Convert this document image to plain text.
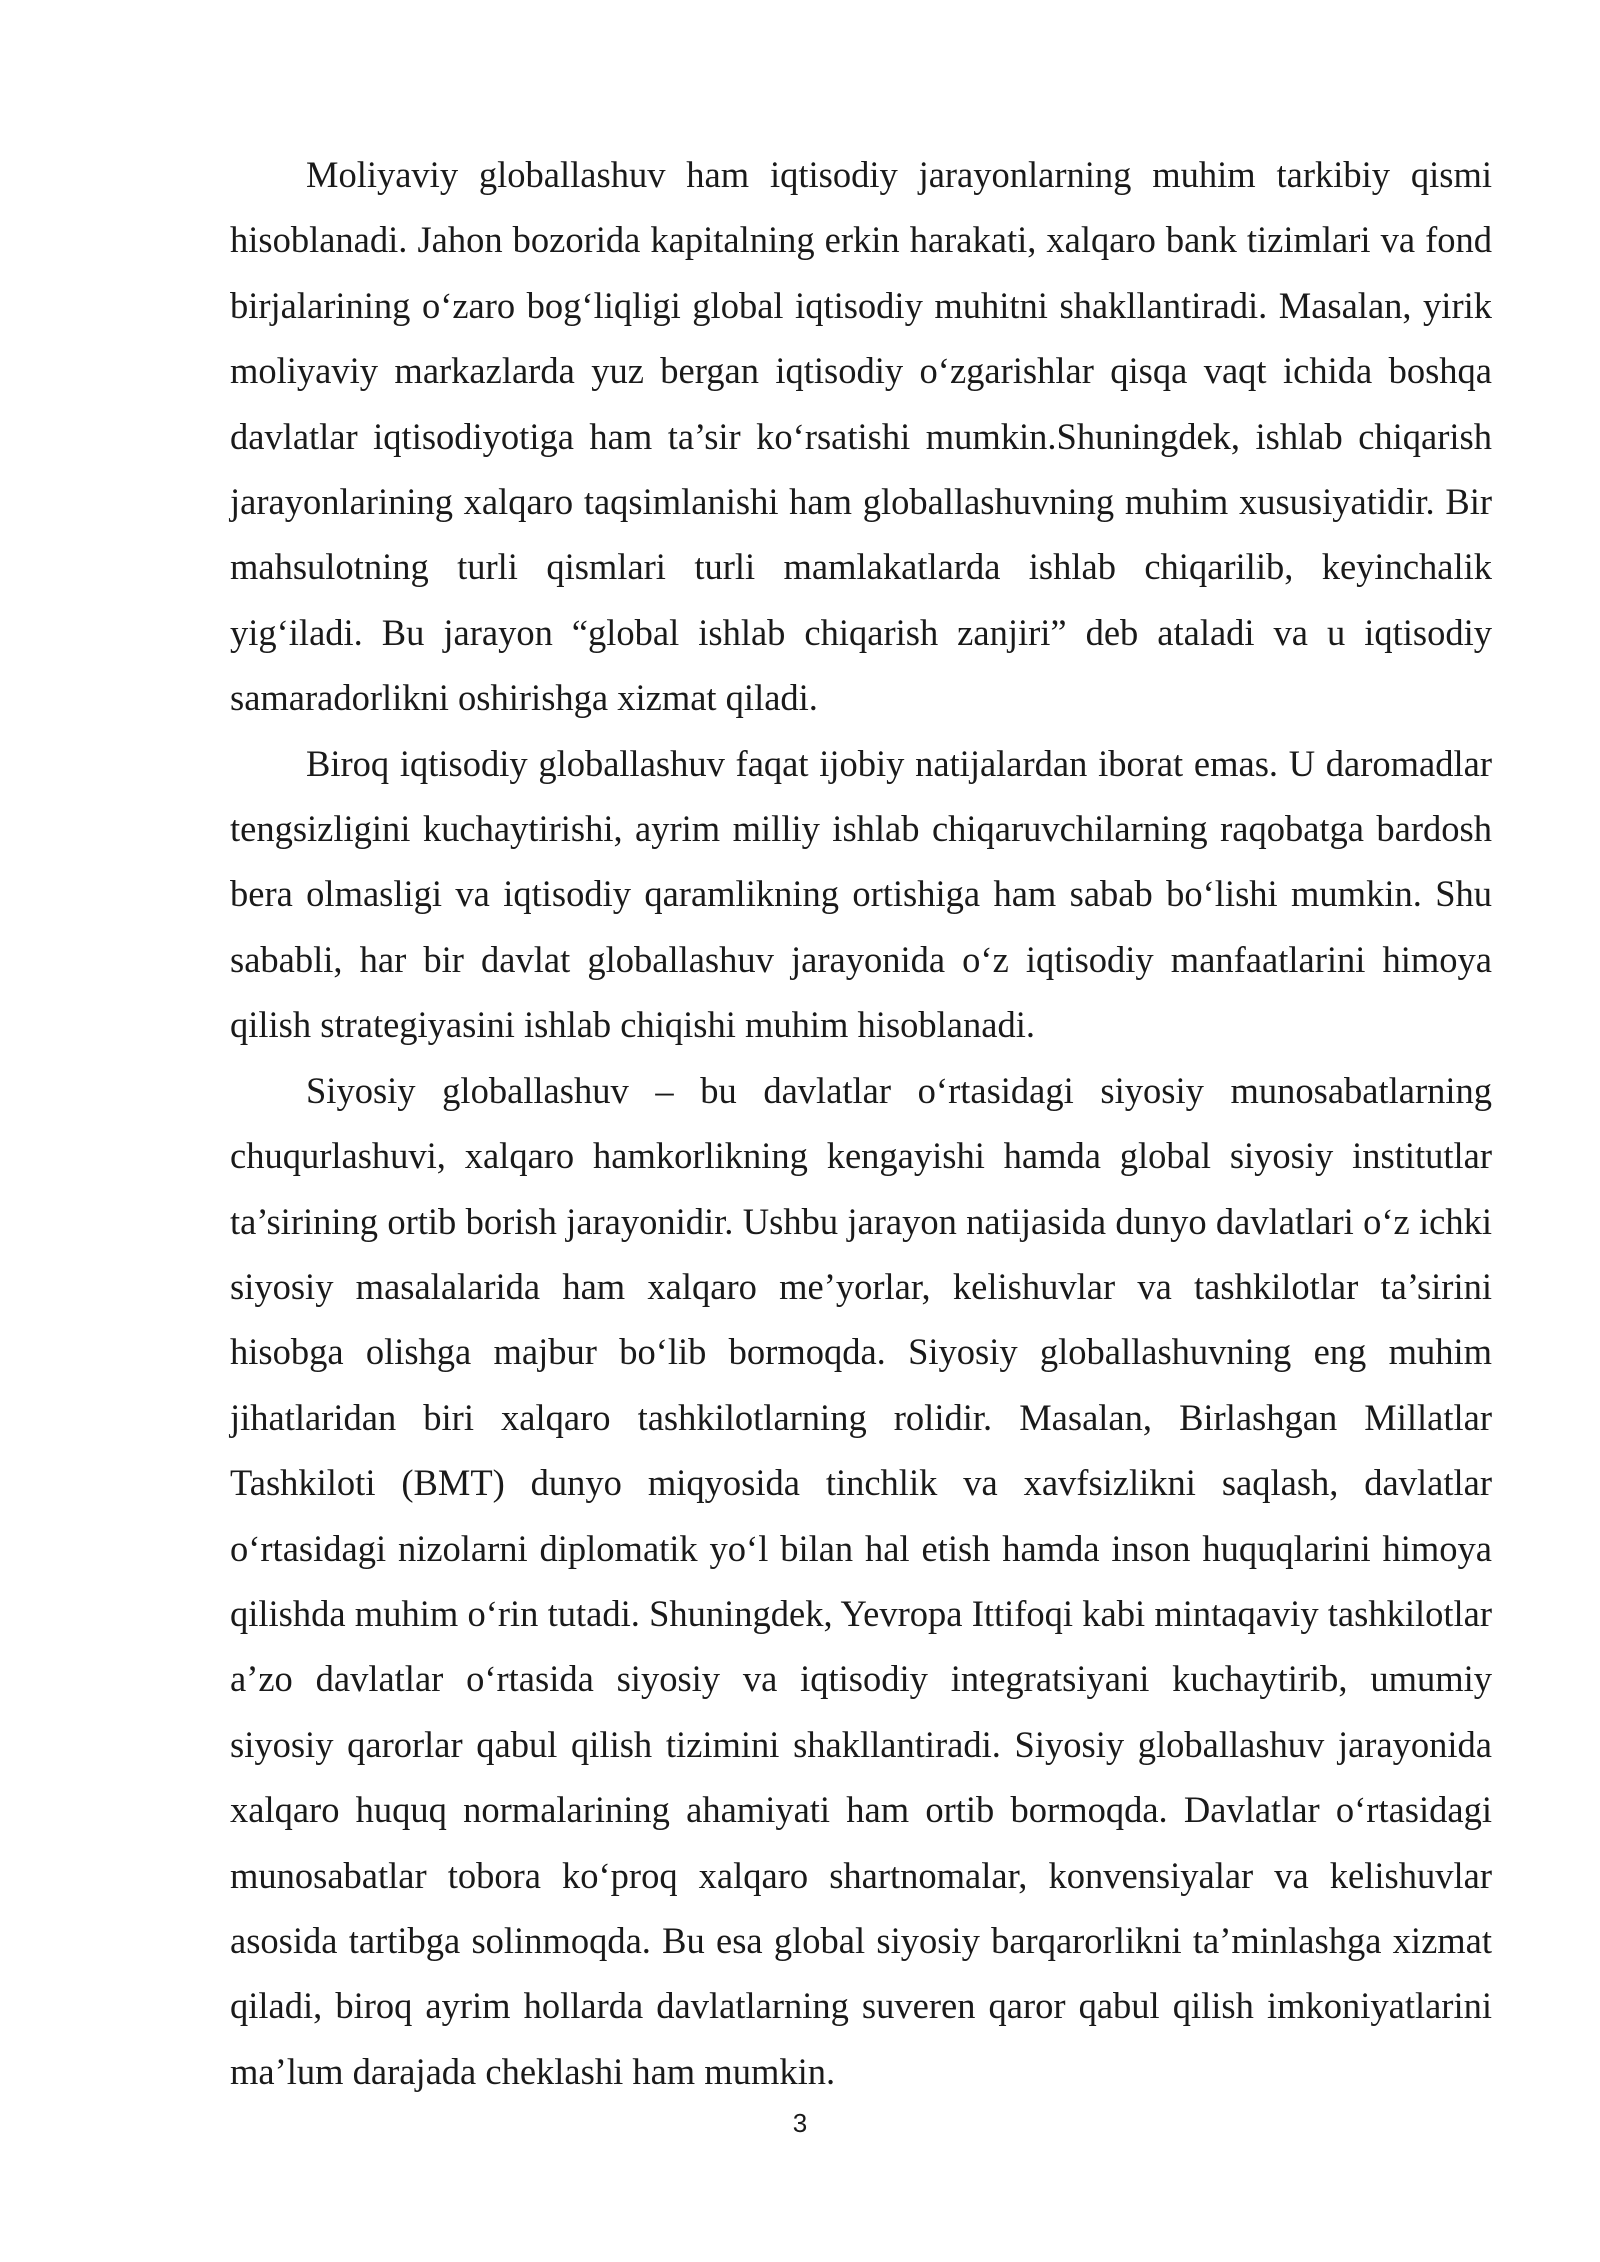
Moliyaviy globallashuv ham iqtisodiy jarayonlarning muhim tarkibiy qismi hisoblanadi. Jahon bozorida kapitalning erkin harakati, xalqaro bank tizimlari va fond birjalarining o‘zaro bog‘liqligi global iqtisodiy muhitni shakllantiradi. Masalan, yirik moliyaviy markazlarda yuz bergan iqtisodiy o‘zgarishlar qisqa vaqt ichida boshqa davlatlar iqtisodiyotiga ham ta’sir ko‘rsatishi mumkin.Shuningdek, ishlab chiqarish jarayonlarining xalqaro taqsimlanishi ham globallashuvning muhim xususiyatidir. Bir mahsulotning turli qismlari turli mamlakatlarda ishlab chiqarilib, keyinchalik yig‘iladi. Bu jarayon “global ishlab chiqarish zanjiri” deb ataladi va u iqtisodiy samaradorlikni oshirishga xizmat qiladi.

Biroq iqtisodiy globallashuv faqat ijobiy natijalardan iborat emas. U daromadlar tengsizligini kuchaytirishi, ayrim milliy ishlab chiqaruvchilarning raqobatga bardosh bera olmasligi va iqtisodiy qaramlikning ortishiga ham sabab bo‘lishi mumkin. Shu sababli, har bir davlat globallashuv jarayonida o‘z iqtisodiy manfaatlarini himoya qilish strategiyasini ishlab chiqishi muhim hisoblanadi.

Siyosiy globallashuv – bu davlatlar o‘rtasidagi siyosiy munosabatlarning chuqurlashuvi, xalqaro hamkorlikning kengayishi hamda global siyosiy institutlar ta’sirining ortib borish jarayonidir. Ushbu jarayon natijasida dunyo davlatlari o‘z ichki siyosiy masalalarida ham xalqaro me’yorlar, kelishuvlar va tashkilotlar ta’sirini hisobga olishga majbur bo‘lib bormoqda. Siyosiy globallashuvning eng muhim jihatlaridan biri xalqaro tashkilotlarning rolidir. Masalan, Birlashgan Millatlar Tashkiloti (BMT) dunyo miqyosida tinchlik va xavfsizlikni saqlash, davlatlar o‘rtasidagi nizolarni diplomatik yo‘l bilan hal etish hamda inson huquqlarini himoya qilishda muhim o‘rin tutadi. Shuningdek, Yevropa Ittifoqi kabi mintaqaviy tashkilotlar a’zo davlatlar o‘rtasida siyosiy va iqtisodiy integratsiyani kuchaytirib, umumiy siyosiy qarorlar qabul qilish tizimini shakllantiradi. Siyosiy globallashuv jarayonida xalqaro huquq normalarining ahamiyati ham ortib bormoqda. Davlatlar o‘rtasidagi munosabatlar tobora ko‘proq xalqaro shartnomalar, konvensiyalar va kelishuvlar asosida tartibga solinmoqda. Bu esa global siyosiy barqarorlikni ta’minlashga xizmat qiladi, biroq ayrim hollarda davlatlarning suveren qaror qabul qilish imkoniyatlarini ma’lum darajada cheklashi ham mumkin.

3
